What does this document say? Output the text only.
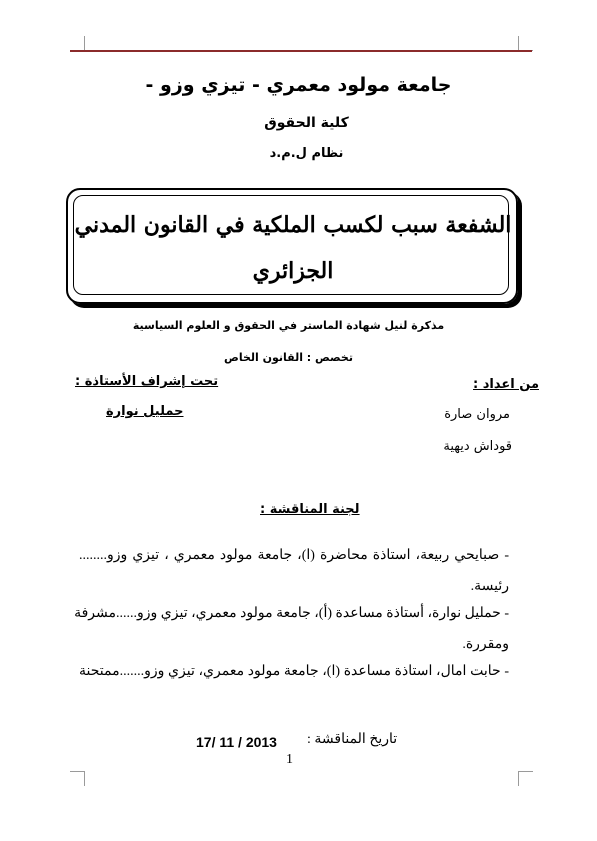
جامعة مولود معمري - تيزي وزو -
كلية الحقوق
نظام ل.م.د
الشفعة سبب لكسب الملكية في القانون المدني
الجزائري
مذكرة لنيل شهادة الماستر في الحقوق و العلوم السياسية
تخصص : القانون الخاص
من اعداد :
مروان صارة
قوداش ديهية
تحت إشراف الأستاذة :
حمليل نوارة
لجنة المناقشة :
- صبايحي ربيعة، استاذة محاضرة (ا)، جامعة مولود معمري ، تيزي وزو........
رئيسة.
- حمليل نوارة، أستاذة مساعدة (أ)، جامعة مولود معمري، تيزي وزو......مشرفة
ومقررة.
- حابت امال، استاذة مساعدة (ا)، جامعة مولود معمري، تيزي وزو.......ممتحنة
تاريخ المناقشة :
17/ 11 / 2013
1
